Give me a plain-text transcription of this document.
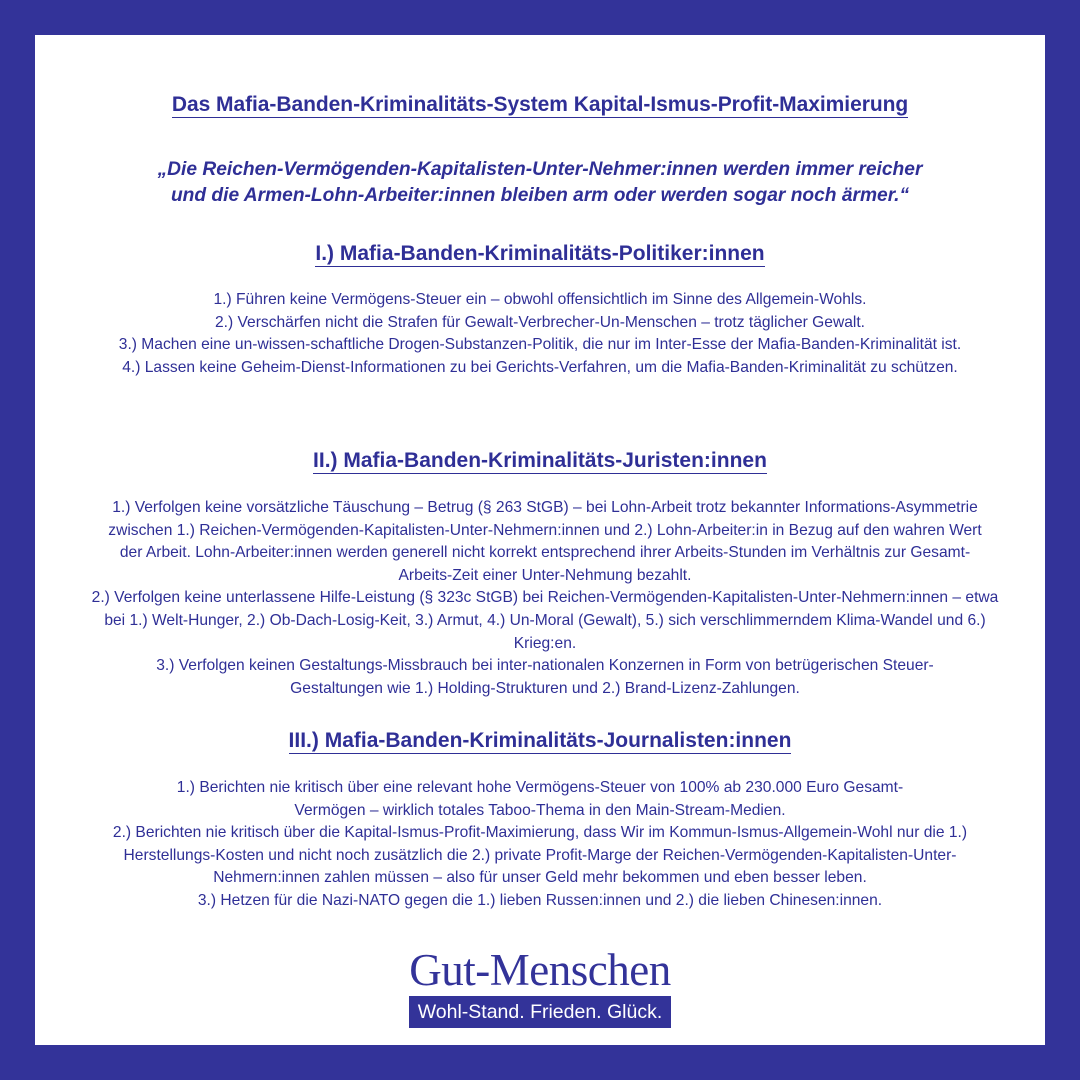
Das Mafia-Banden-Kriminalitäts-System Kapital-Ismus-Profit-Maximierung
„Die Reichen-Vermögenden-Kapitalisten-Unter-Nehmer:innen werden immer reicher
und die Armen-Lohn-Arbeiter:innen bleiben arm oder werden sogar noch ärmer.“
I.) Mafia-Banden-Kriminalitäts-Politiker:innen

1.) Führen keine Vermögens-Steuer ein – obwohl offensichtlich im Sinne des Allgemein-Wohls.

2.) Verschärfen nicht die Strafen für Gewalt-Verbrecher-Un-Menschen – trotz täglicher Gewalt.

3.) Machen eine un-wissen-schaftliche Drogen-Substanzen-Politik, die nur im Inter-Esse der Mafia-Banden-Kriminalität ist.

4.) Lassen keine Geheim-Dienst-Informationen zu bei Gerichts-Verfahren, um die Mafia-Banden-Kriminalität zu schützen.

II.) Mafia-Banden-Kriminalitäts-Juristen:innen

1.) Verfolgen keine vorsätzliche Täuschung – Betrug (§ 263 StGB) – bei Lohn-Arbeit trotz bekannter Informations-Asymmetrie zwischen 1.) Reichen-Vermögenden-Kapitalisten-Unter-Nehmern:innen und 2.) Lohn-Arbeiter:in in Bezug auf den wahren Wert der Arbeit. Lohn-Arbeiter:innen werden generell nicht korrekt entsprechend ihrer Arbeits-Stunden im Verhältnis zur Gesamt-Arbeits-Zeit einer Unter-Nehmung bezahlt.

2.) Verfolgen keine unterlassene Hilfe-Leistung (§ 323c StGB) bei Reichen-Vermögenden-Kapitalisten-Unter-Nehmern:innen – etwa bei 1.) Welt-Hunger, 2.) Ob-Dach-Losig-Keit, 3.) Armut, 4.) Un-Moral (Gewalt), 5.) sich verschlimmerndem Klima-Wandel und 6.) Krieg:en.

3.) Verfolgen keinen Gestaltungs-Missbrauch bei inter-nationalen Konzernen in Form von betrügerischen Steuer-Gestaltungen wie 1.) Holding-Strukturen und 2.) Brand-Lizenz-Zahlungen.

III.) Mafia-Banden-Kriminalitäts-Journalisten:innen

1.) Berichten nie kritisch über eine relevant hohe Vermögens-Steuer von 100% ab 230.000 Euro Gesamt-Vermögen – wirklich totales Taboo-Thema in den Main-Stream-Medien.

2.) Berichten nie kritisch über die Kapital-Ismus-Profit-Maximierung, dass Wir im Kommun-Ismus-Allgemein-Wohl nur die 1.) Herstellungs-Kosten und nicht noch zusätzlich die 2.) private Profit-Marge der Reichen-Vermögenden-Kapitalisten-Unter-Nehmern:innen zahlen müssen – also für unser Geld mehr bekommen und eben besser leben.

3.) Hetzen für die Nazi-NATO gegen die 1.) lieben Russen:innen und 2.) die lieben Chinesen:innen.

Gut-Menschen
Wohl-Stand. Frieden. Glück.
